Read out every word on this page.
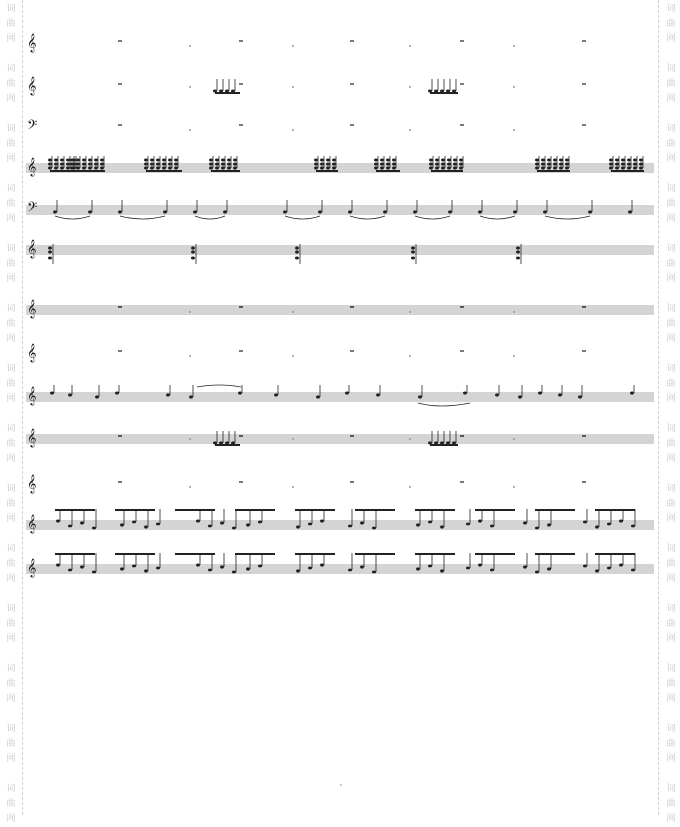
词
曲
网
词
曲
网
词
曲
网
词
曲
网
词
曲
网
词
曲
网
词
曲
网
词
曲
网
词
曲
网
词
曲
网
词
曲
网
词
曲
网
词
曲
网
词
曲
网
词
曲
网
词
曲
网
词
曲
网
词
曲
网
词
曲
网
词
曲
网
词
曲
网
词
曲
网
词
曲
网
词
曲
网
词
曲
网
词
曲
网
词
曲
网
词
曲
网
𝄞
𝄞
𝄢
𝄞
𝄢
𝄞
𝄞
𝄞
𝄞
𝄞
𝄞
𝄞
𝄞
